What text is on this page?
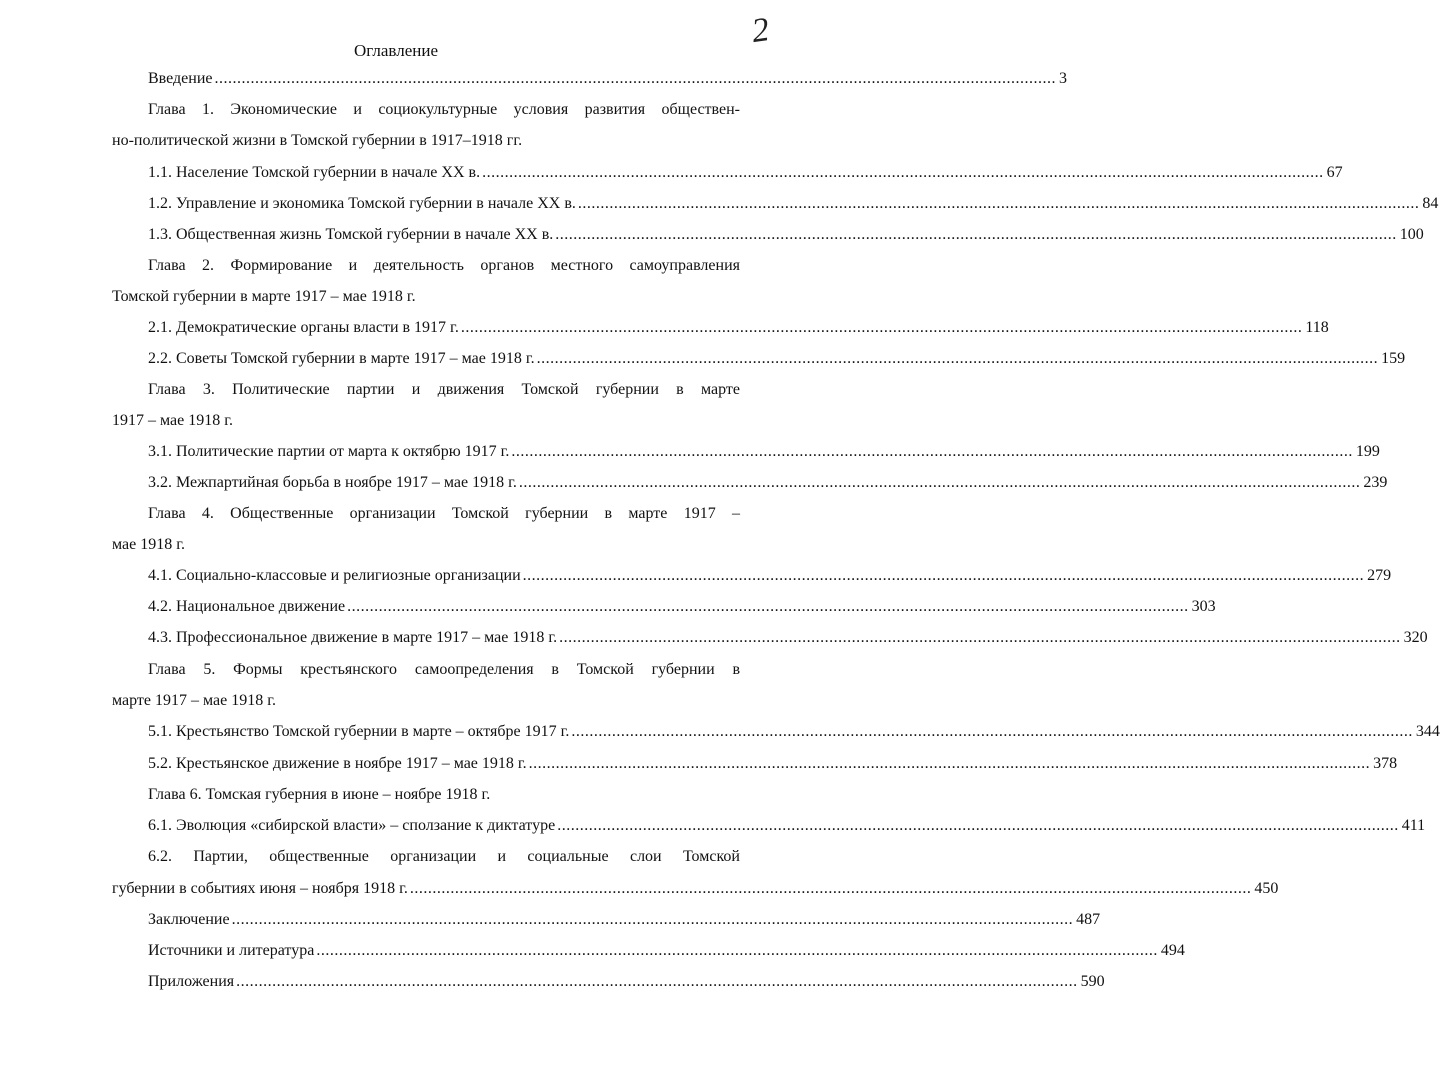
2
Оглавление
Введение ........................................................................................................................................................................................... 3
Глава 1. Экономические и социокультурные условия развития обществен-
но-политической жизни в Томской губернии в 1917–1918 гг.
1.1. Население Томской губернии в начале XX в. ........................................................................................................................................................................................... 67
1.2. Управление и экономика Томской губернии в начале XX в. ........................................................................................................................................................................................... 84
1.3. Общественная жизнь Томской губернии в начале XX в. ........................................................................................................................................................................................... 100
Глава 2. Формирование и деятельность органов местного самоуправления
Томской губернии в марте 1917 – мае 1918 г.
2.1. Демократические органы власти в 1917 г. ........................................................................................................................................................................................... 118
2.2. Советы Томской губернии в марте 1917 – мае 1918 г. ........................................................................................................................................................................................... 159
Глава 3. Политические партии и движения Томской губернии в марте
1917 – мае 1918 г.
3.1. Политические партии от марта к октябрю 1917 г. ........................................................................................................................................................................................... 199
3.2. Межпартийная борьба в ноябре 1917 – мае 1918 г. ........................................................................................................................................................................................... 239
Глава 4. Общественные организации Томской губернии в марте 1917 –
мае 1918 г.
4.1. Социально-классовые и религиозные организации ........................................................................................................................................................................................... 279
4.2. Национальное движение ........................................................................................................................................................................................... 303
4.3. Профессиональное движение в марте 1917 – мае 1918 г. ........................................................................................................................................................................................... 320
Глава 5. Формы крестьянского самоопределения в Томской губернии в
марте 1917 – мае 1918 г.
5.1. Крестьянство Томской губернии в марте – октябре 1917 г. ........................................................................................................................................................................................... 344
5.2. Крестьянское движение в ноябре 1917 – мае 1918 г. ........................................................................................................................................................................................... 378
Глава 6. Томская губерния в июне – ноябре 1918 г.
6.1. Эволюция «сибирской власти» – сползание к диктатуре ........................................................................................................................................................................................... 411
6.2. Партии, общественные организации и социальные слои Томской
губернии в событиях июня – ноября 1918 г. ........................................................................................................................................................................................... 450
Заключение ........................................................................................................................................................................................... 487
Источники и литература ........................................................................................................................................................................................... 494
Приложения ........................................................................................................................................................................................... 590
